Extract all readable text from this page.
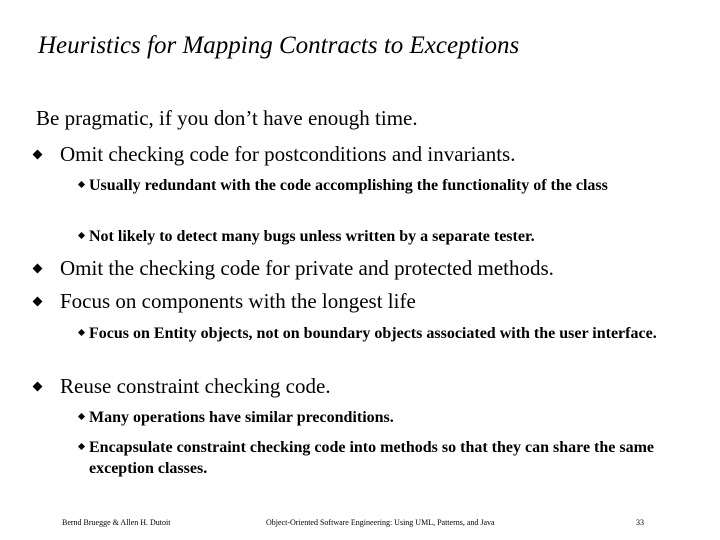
Heuristics for Mapping Contracts to Exceptions
Be pragmatic, if you don’t have enough time.
Omit checking code for postconditions and invariants.
Usually redundant with the code accomplishing the functionality of the class
Not likely to detect many bugs unless written by a separate tester.
Omit the checking code for private and protected methods.
Focus on components with the longest life
Focus on Entity objects, not on boundary objects associated with the user interface.
Reuse constraint checking code.
Many operations have similar preconditions.
Encapsulate constraint checking code into methods so that they can share the same exception classes.
Bernd Bruegge & Allen H. Dutoit	Object-Oriented Software Engineering: Using UML, Patterns, and Java	33
